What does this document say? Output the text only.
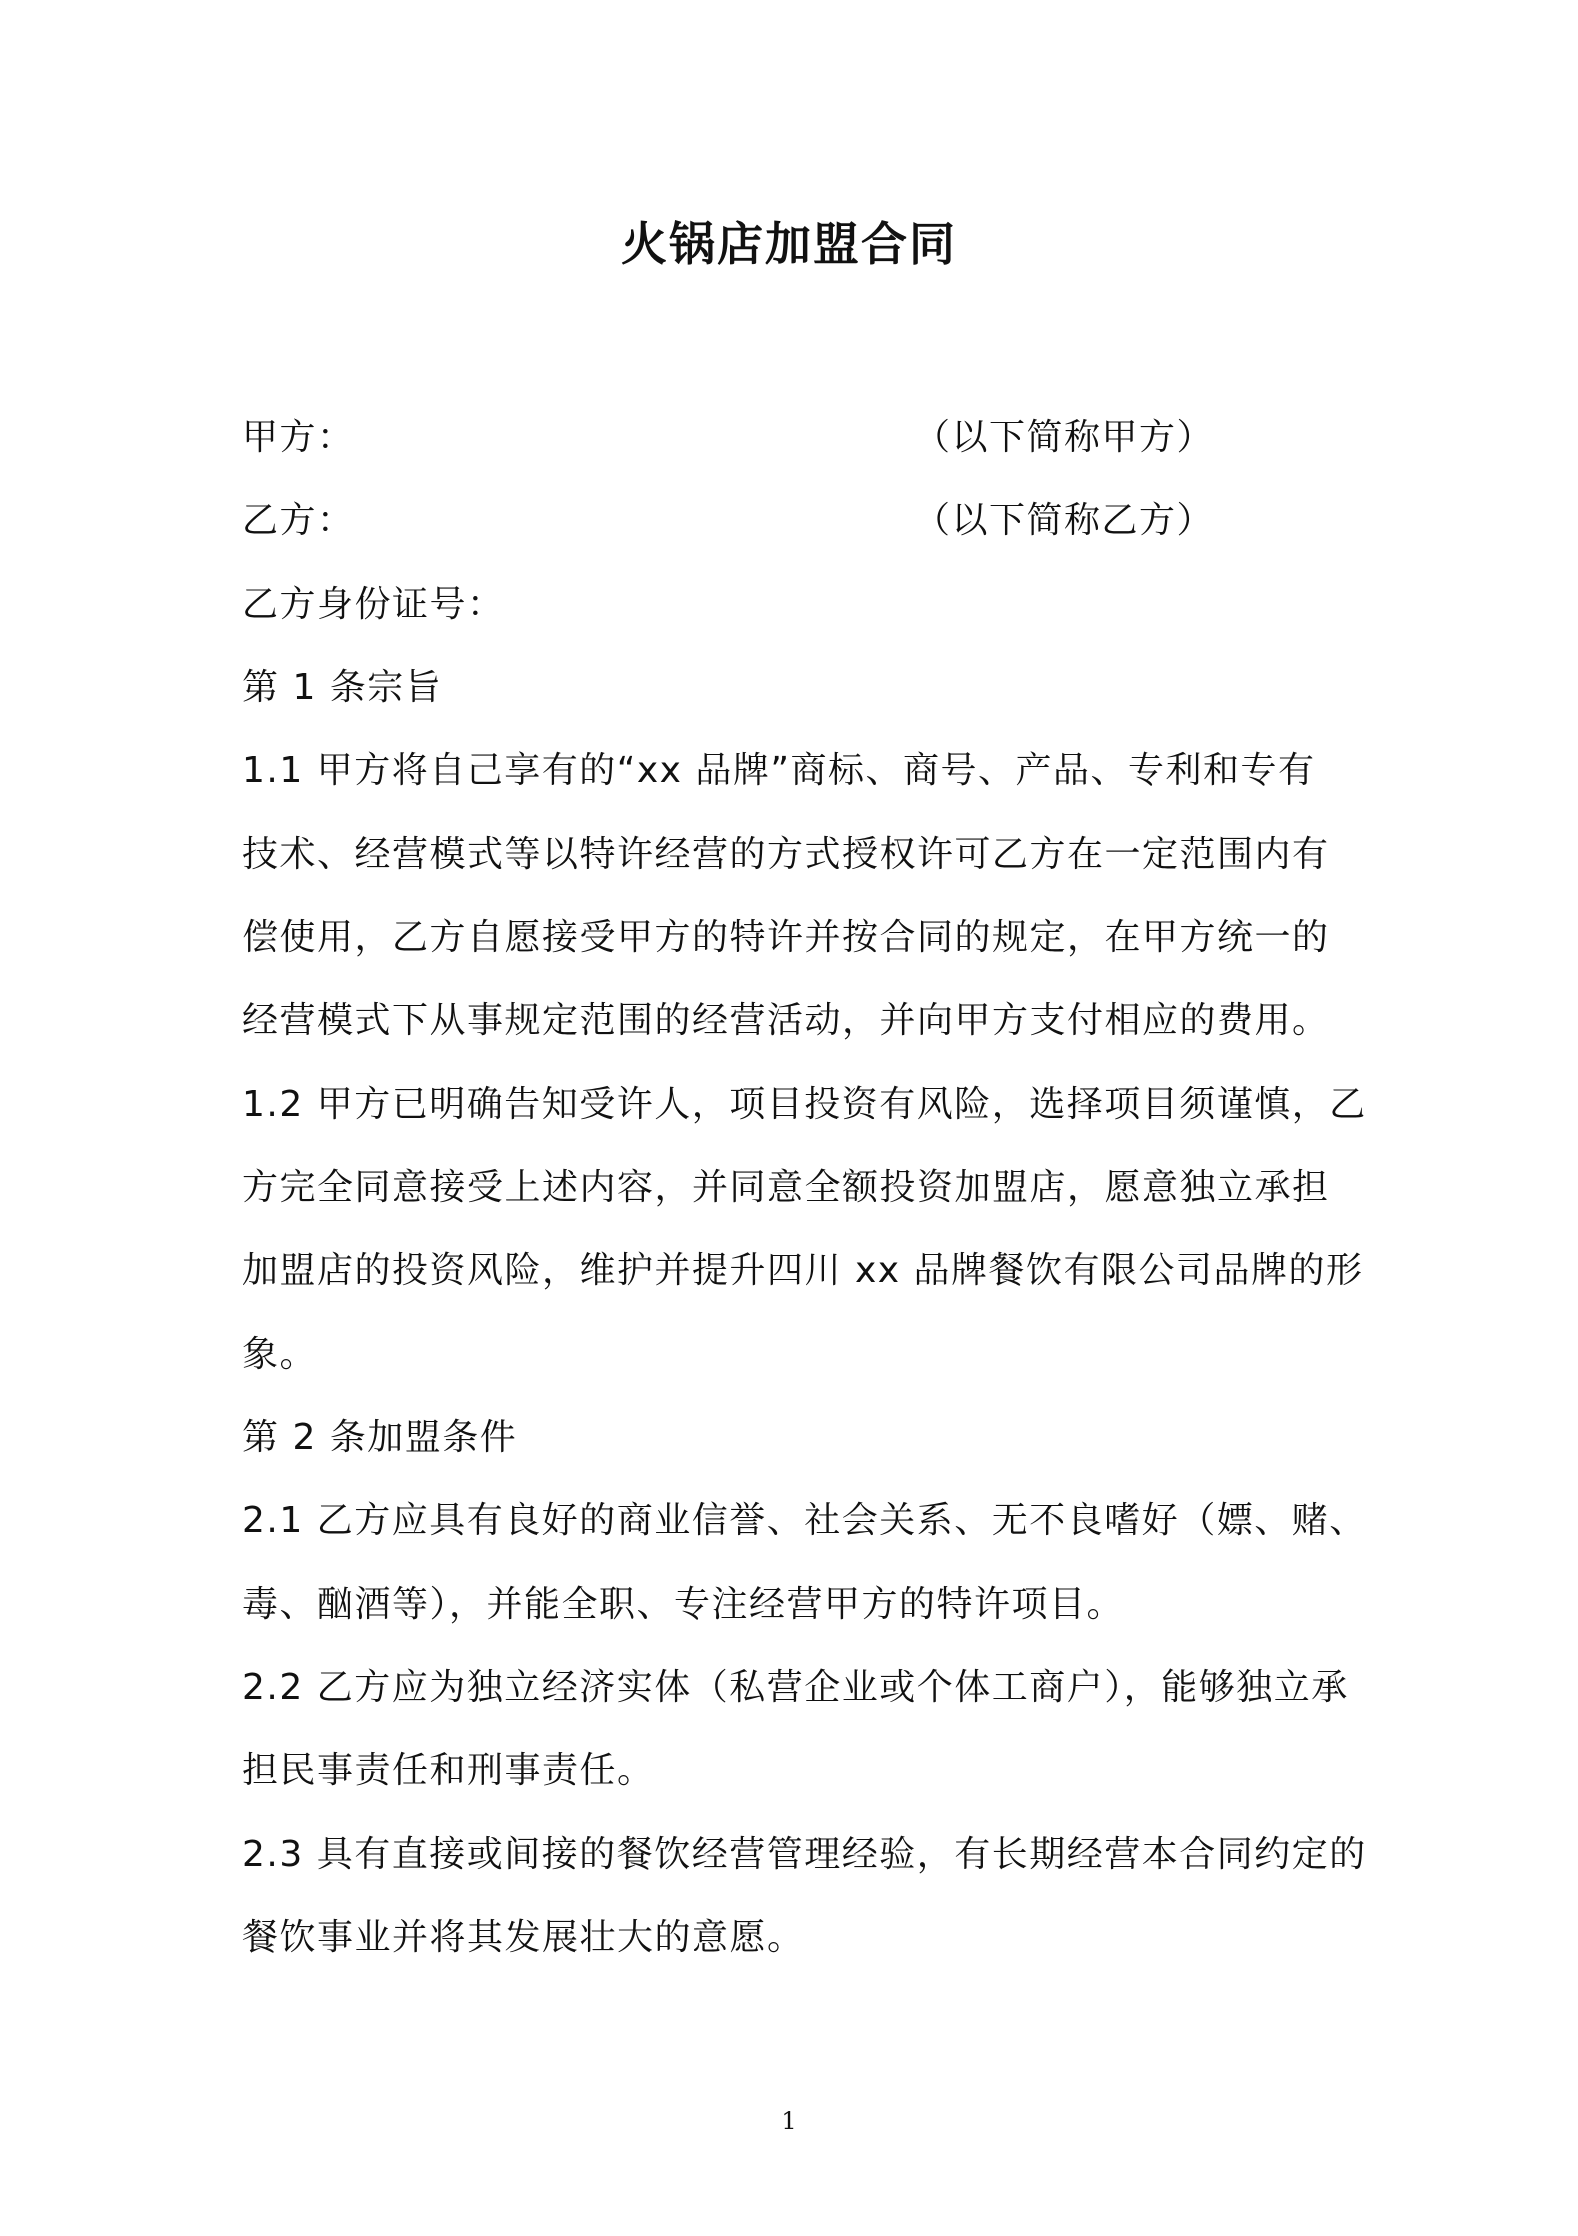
火锅店加盟合同
甲方：	（以下简称甲方）
乙方：	（以下简称乙方）
乙方身份证号：
第 1 条宗旨
1.1 甲方将自己享有的“xx 品牌”商标、商号、产品、专利和专有
技术、经营模式等以特许经营的方式授权许可乙方在一定范围内有
偿使用，乙方自愿接受甲方的特许并按合同的规定，在甲方统一的
经营模式下从事规定范围的经营活动，并向甲方支付相应的费用。
1.2 甲方已明确告知受许人，项目投资有风险，选择项目须谨慎，乙
方完全同意接受上述内容，并同意全额投资加盟店，愿意独立承担
加盟店的投资风险，维护并提升四川 xx 品牌餐饮有限公司品牌的形
象。
第 2 条加盟条件
2.1 乙方应具有良好的商业信誉、社会关系、无不良嗜好（嫖、赌、
毒、酗酒等），并能全职、专注经营甲方的特许项目。
2.2 乙方应为独立经济实体（私营企业或个体工商户），能够独立承
担民事责任和刑事责任。
2.3 具有直接或间接的餐饮经营管理经验，有长期经营本合同约定的
餐饮事业并将其发展壮大的意愿。
1
